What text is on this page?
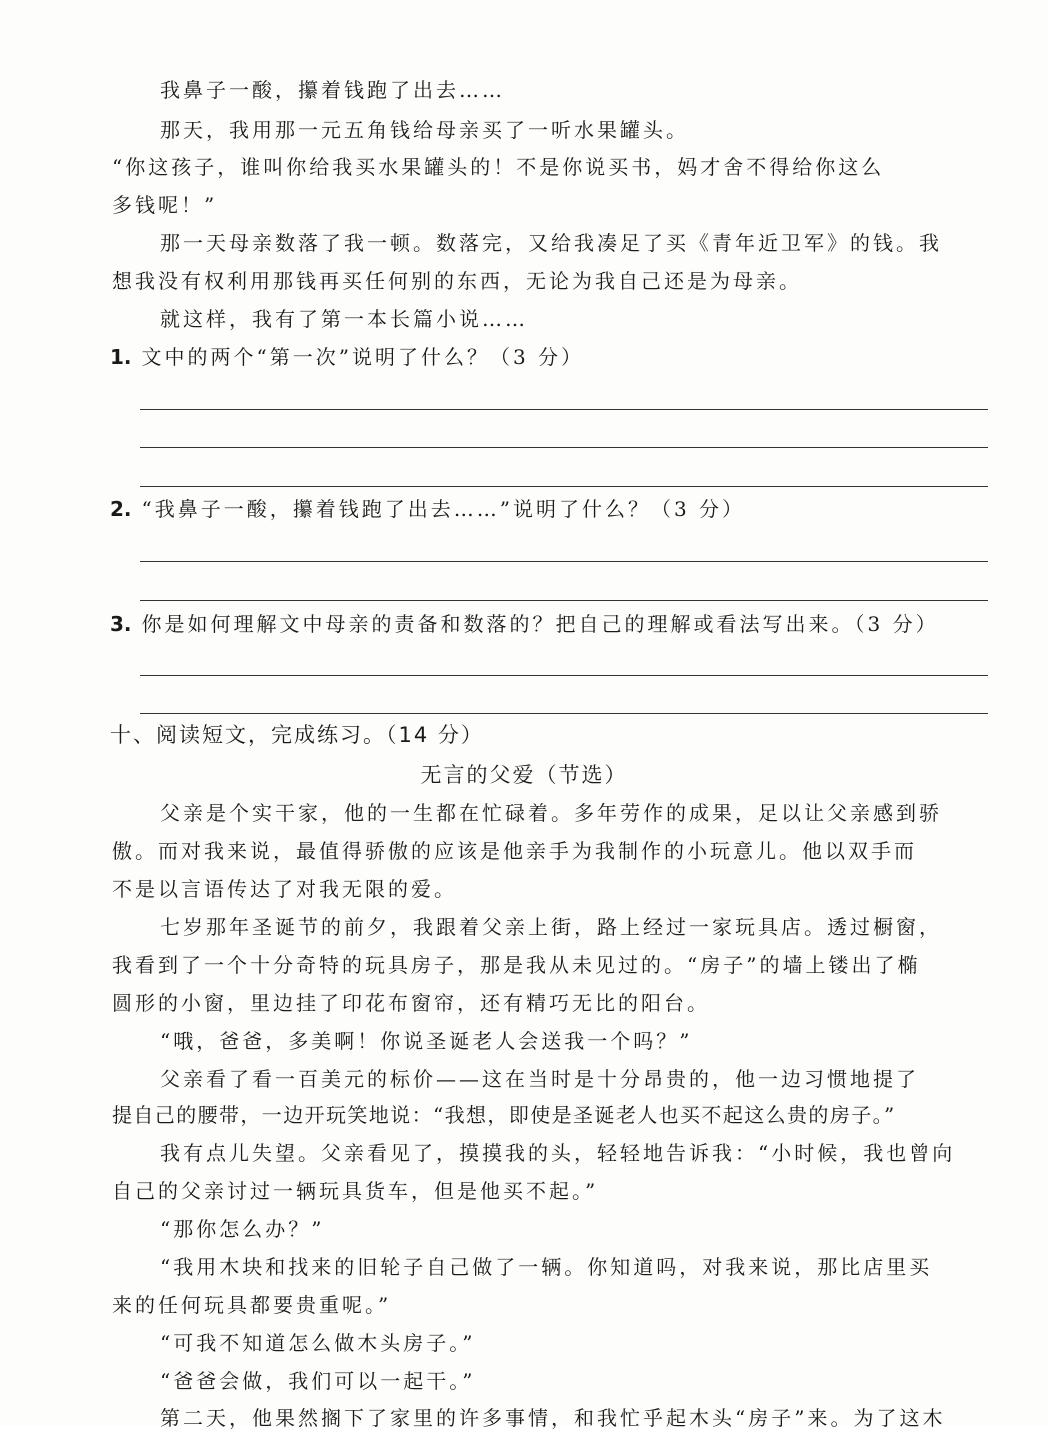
我鼻子一酸，攥着钱跑了出去……
那天，我用那一元五角钱给母亲买了一听水果罐头。
“你这孩子，谁叫你给我买水果罐头的！不是你说买书，妈才舍不得给你这么
多钱呢！”
那一天母亲数落了我一顿。数落完，又给我凑足了买《青年近卫军》的钱。我
想我没有权利用那钱再买任何别的东西，无论为我自己还是为母亲。
就这样，我有了第一本长篇小说……
1. 文中的两个“第一次”说明了什么？（3 分）
2. “我鼻子一酸，攥着钱跑了出去……”说明了什么？（3 分）
3. 你是如何理解文中母亲的责备和数落的？把自己的理解或看法写出来。（3 分）
十、阅读短文，完成练习。（14 分）
无言的父爱（节选）
父亲是个实干家，他的一生都在忙碌着。多年劳作的成果，足以让父亲感到骄
傲。而对我来说，最值得骄傲的应该是他亲手为我制作的小玩意儿。他以双手而
不是以言语传达了对我无限的爱。
七岁那年圣诞节的前夕，我跟着父亲上街，路上经过一家玩具店。透过橱窗，
我看到了一个十分奇特的玩具房子，那是我从未见过的。“房子”的墙上镂出了椭
圆形的小窗，里边挂了印花布窗帘，还有精巧无比的阳台。
“哦，爸爸，多美啊！你说圣诞老人会送我一个吗？”
父亲看了看一百美元的标价——这在当时是十分昂贵的，他一边习惯地提了
提自己的腰带，一边开玩笑地说：“我想，即使是圣诞老人也买不起这么贵的房子。”
我有点儿失望。父亲看见了，摸摸我的头，轻轻地告诉我：“小时候，我也曾向
自己的父亲讨过一辆玩具货车，但是他买不起。”
“那你怎么办？”
“我用木块和找来的旧轮子自己做了一辆。你知道吗，对我来说，那比店里买
来的任何玩具都要贵重呢。”
“可我不知道怎么做木头房子。”
“爸爸会做，我们可以一起干。”
第二天，他果然搁下了家里的许多事情，和我忙乎起木头“房子”来。为了这木
